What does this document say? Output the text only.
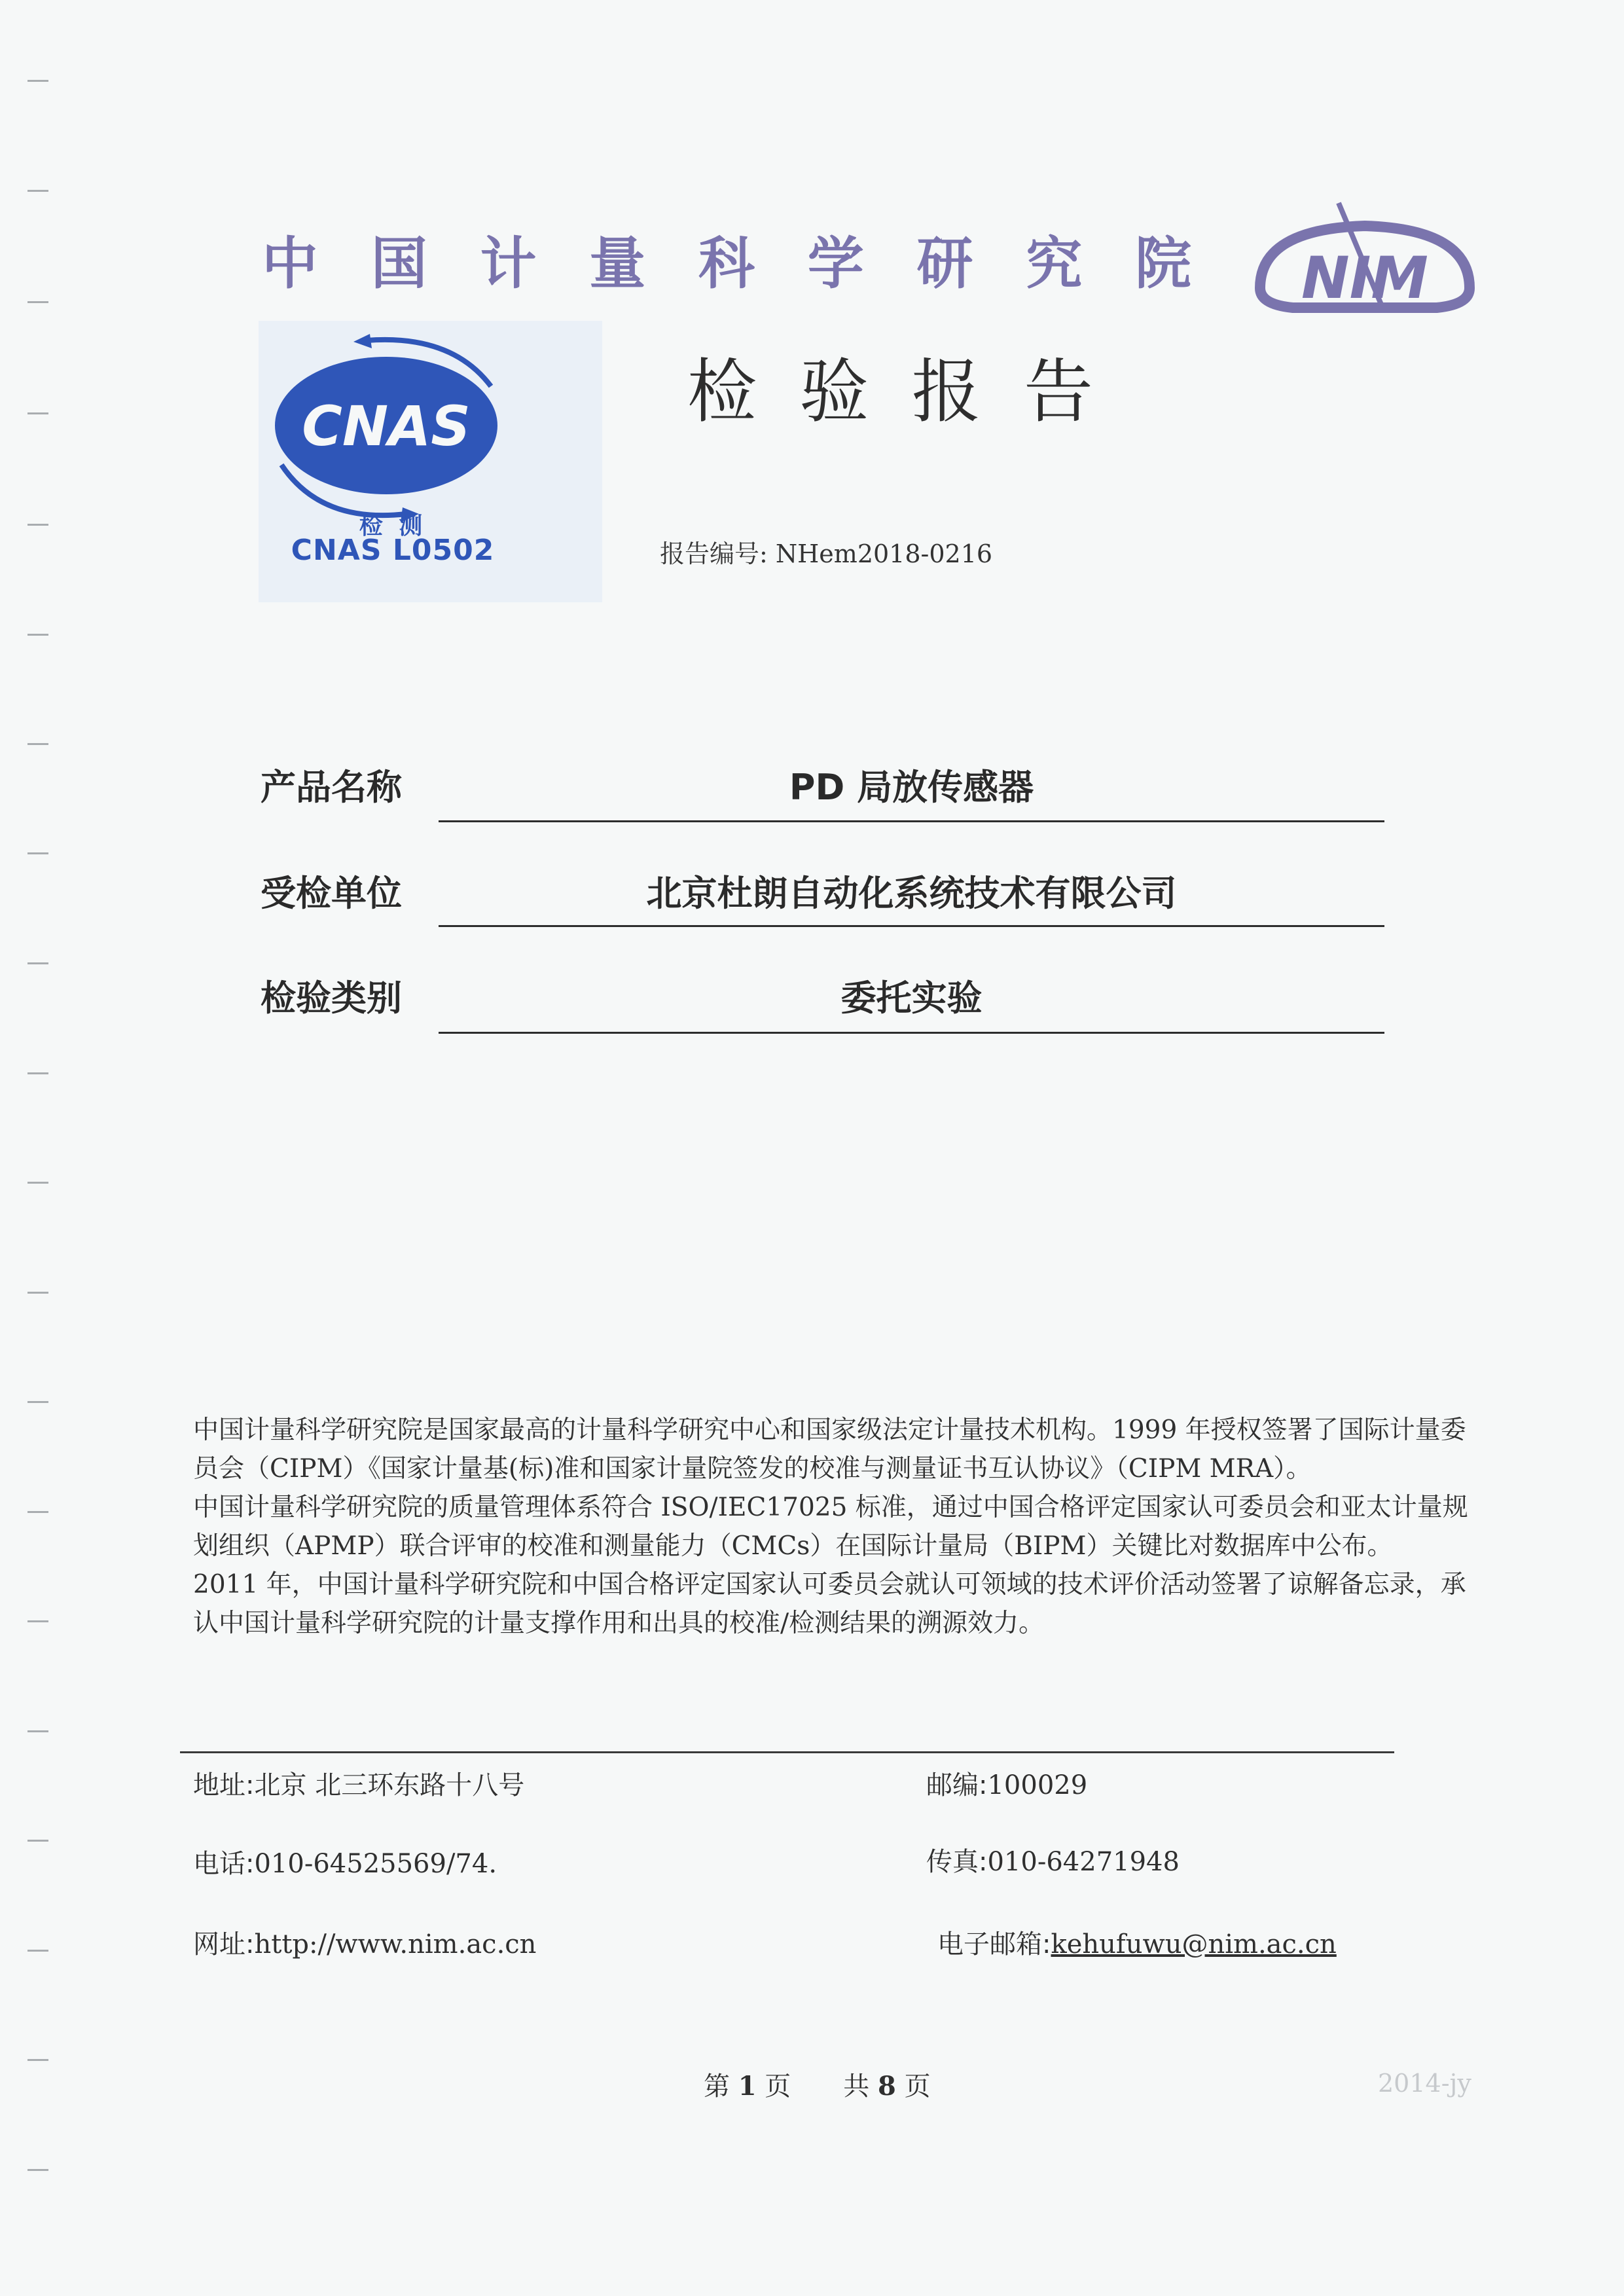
中 国 计 量 科 学 研 究 院 NIM
检 验 报 告
CNAS
检 测
CNAS L0502	报告编号: NHem2018-0216
产品名称	PD 局放传感器
受检单位	北京杜朗自动化系统技术有限公司
检验类别	委托实验

中国计量科学研究院是国家最高的计量科学研究中心和国家级法定计量技术机构。1999 年授权签署了国际计量委员会（CIPM）《国家计量基(标)准和国家计量院签发的校准与测量证书互认协议》（CIPM MRA）。

中国计量科学研究院的质量管理体系符合 ISO/IEC17025 标准，通过中国合格评定国家认可委员会和亚太计量规划组织（APMP）联合评审的校准和测量能力（CMCs）在国际计量局（BIPM）关键比对数据库中公布。

2011 年，中国计量科学研究院和中国合格评定国家认可委员会就认可领域的技术评价活动签署了谅解备忘录，承认中国计量科学研究院的计量支撑作用和出具的校准/检测结果的溯源效力。

地址:北京 北三环东路十八号	邮编:100029
电话:010-64525569/74.	传真:010-64271948
网址:http://www.nim.ac.cn	电子邮箱:kehufuwu@nim.ac.cn
第 1 页　　共 8 页	2014-jy
